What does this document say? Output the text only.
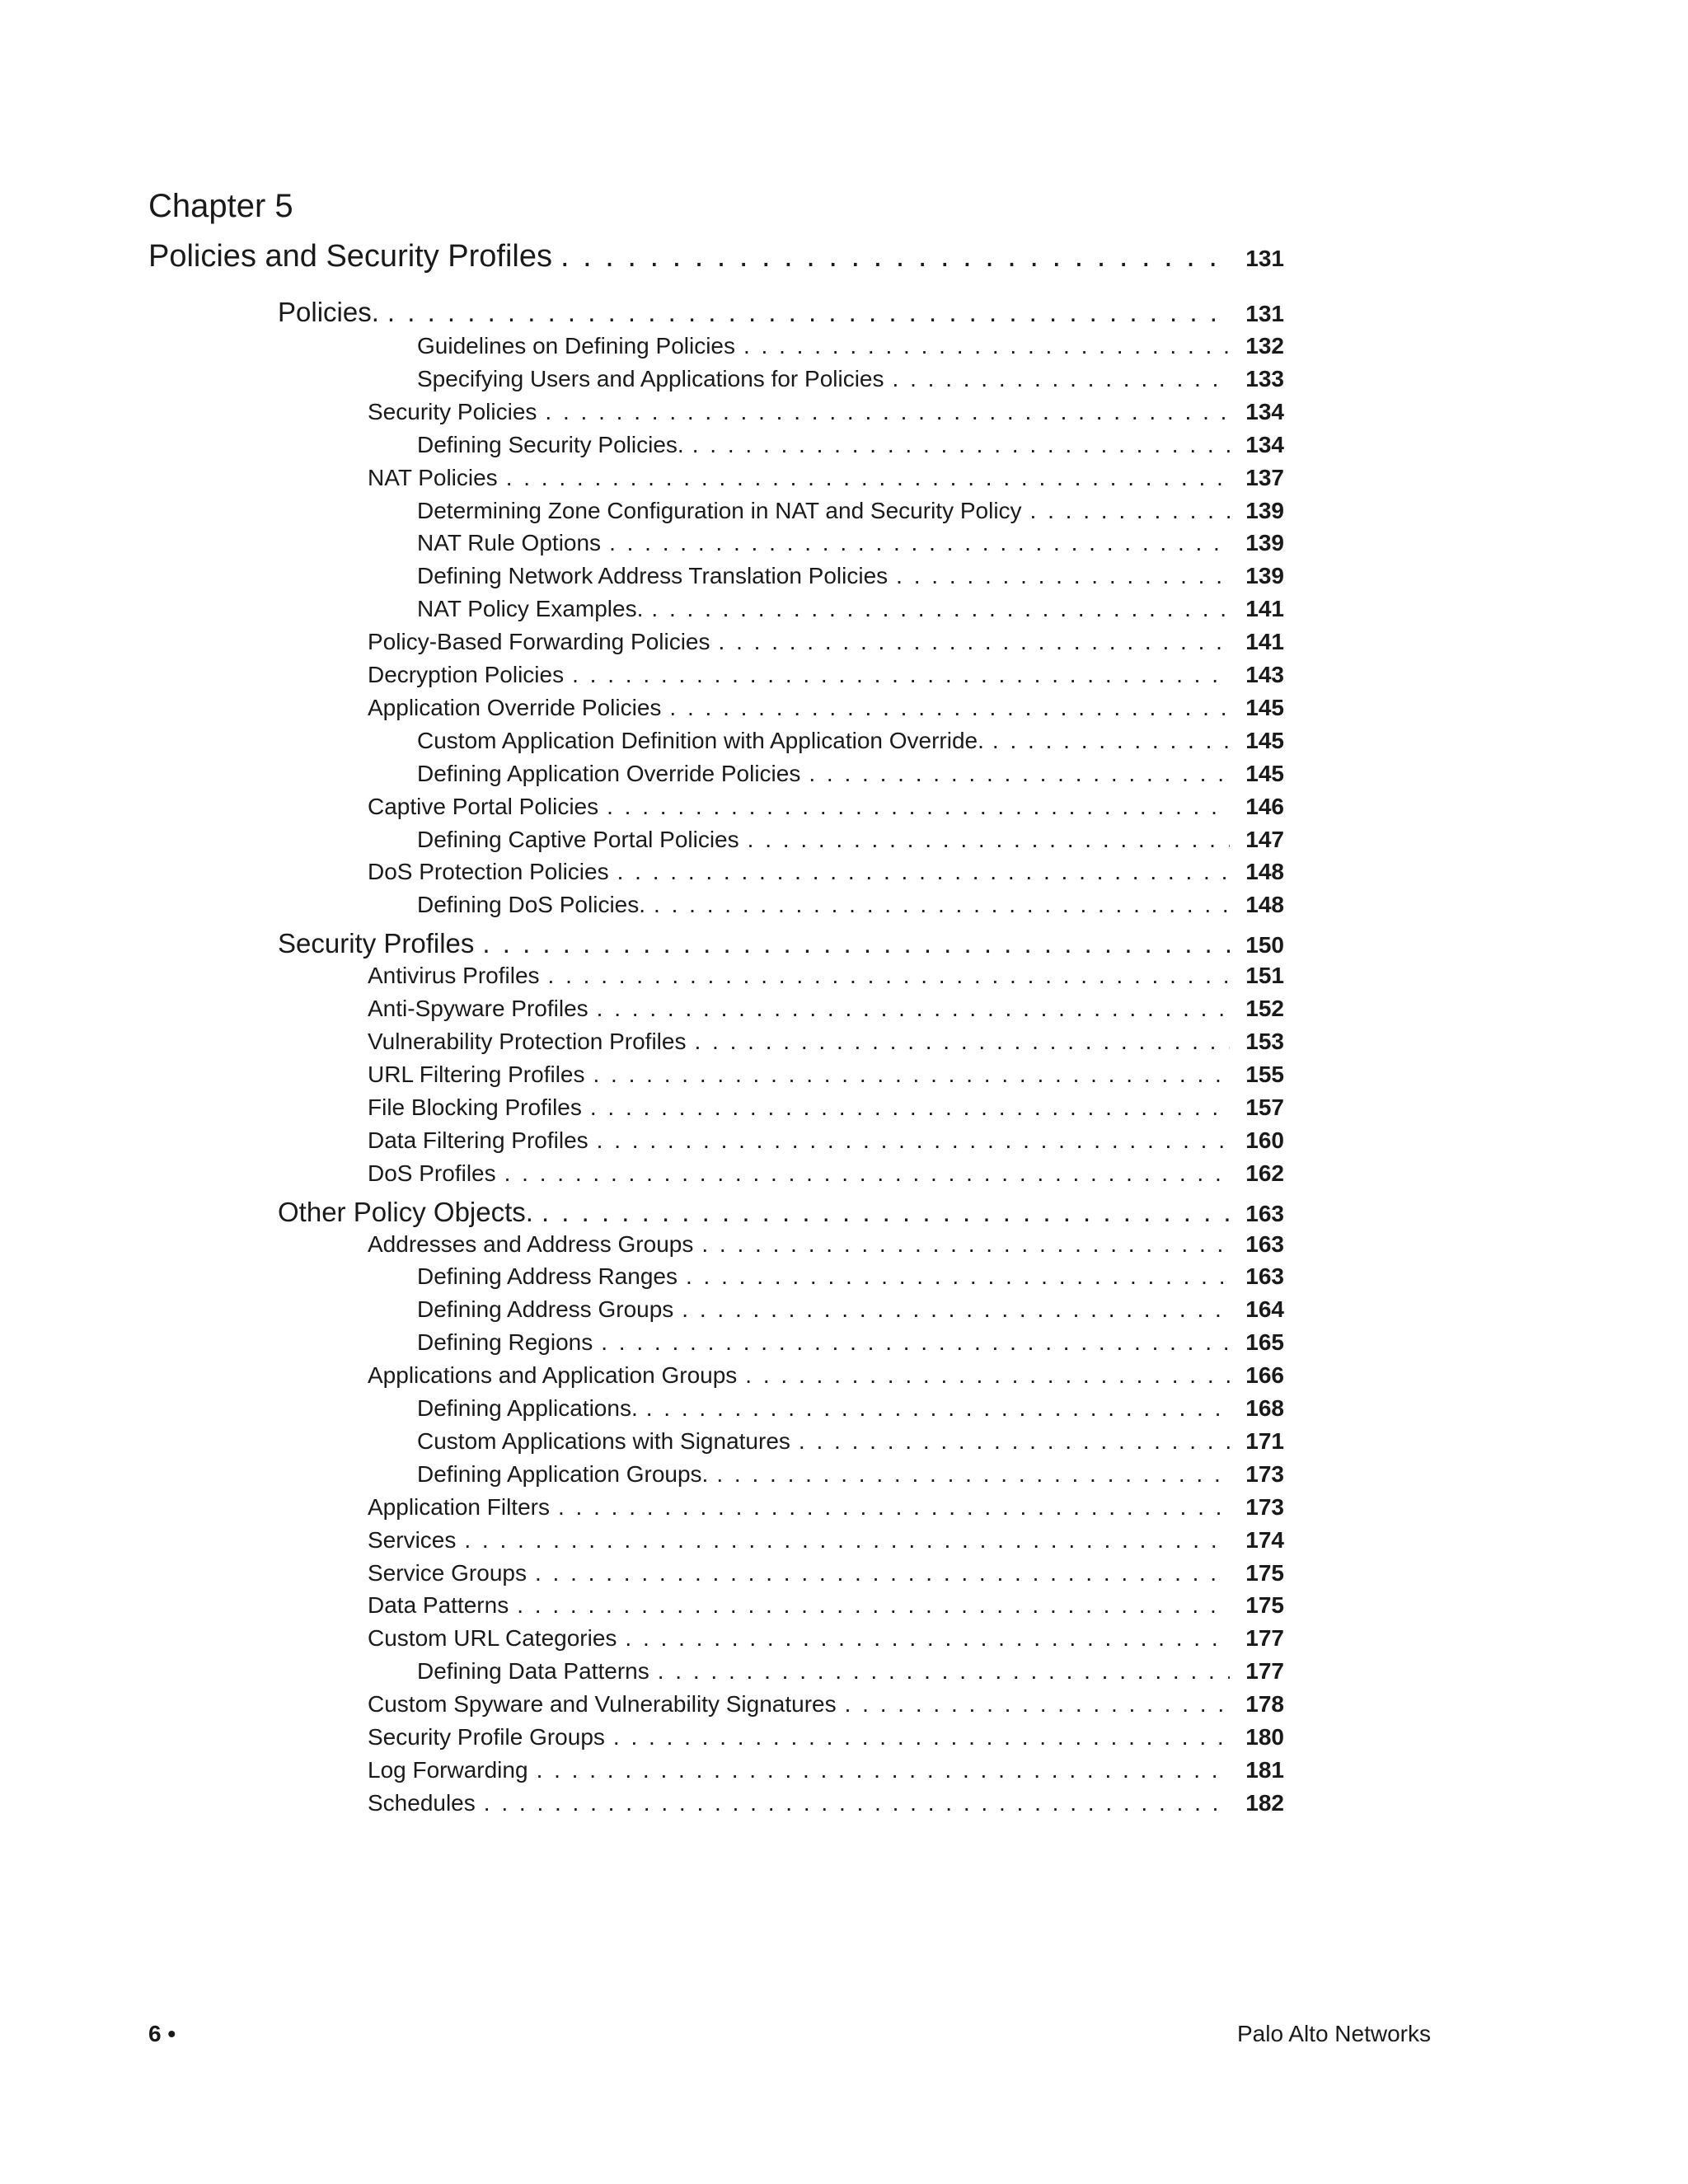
Chapter 5
Policies and Security Profiles . . .	131
Policies. . . .	131
Guidelines on Defining Policies . . .	132
Specifying Users and Applications for Policies . . .	133
Security Policies . . .	134
Defining Security Policies. . . .	134
NAT Policies . . .	137
Determining Zone Configuration in NAT and Security Policy . . .	139
NAT Rule Options . . .	139
Defining Network Address Translation Policies . . .	139
NAT Policy Examples. . . .	141
Policy-Based Forwarding Policies . . .	141
Decryption Policies . . .	143
Application Override Policies . . .	145
Custom Application Definition with Application Override. . . .	145
Defining Application Override Policies . . .	145
Captive Portal Policies . . .	146
Defining Captive Portal Policies . . .	147
DoS Protection Policies . . .	148
Defining DoS Policies. . . .	148
Security Profiles . . .	150
Antivirus Profiles . . .	151
Anti-Spyware Profiles . . .	152
Vulnerability Protection Profiles . . .	153
URL Filtering Profiles . . .	155
File Blocking Profiles . . .	157
Data Filtering Profiles . . .	160
DoS Profiles . . .	162
Other Policy Objects. . . .	163
Addresses and Address Groups . . .	163
Defining Address Ranges . . .	163
Defining Address Groups . . .	164
Defining Regions . . .	165
Applications and Application Groups . . .	166
Defining Applications. . . .	168
Custom Applications with Signatures . . .	171
Defining Application Groups. . . .	173
Application Filters . . .	173
Services . . .	174
Service Groups . . .	175
Data Patterns . . .	175
Custom URL Categories . . .	177
Defining Data Patterns . . .	177
Custom Spyware and Vulnerability Signatures . . .	178
Security Profile Groups . . .	180
Log Forwarding . . .	181
Schedules . . .	182
6 •	Palo Alto Networks
